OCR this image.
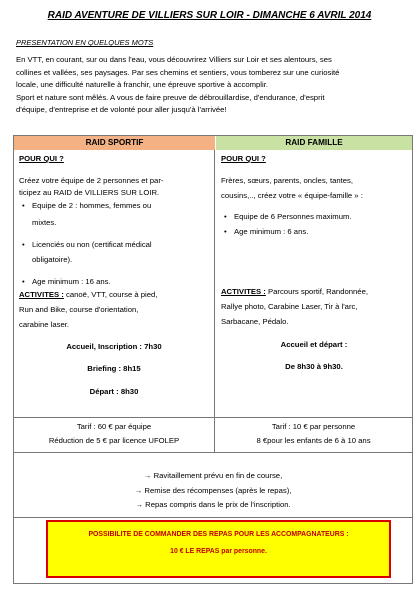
RAID AVENTURE DE VILLIERS SUR LOIR - DIMANCHE 6 AVRIL 2014
PRESENTATION EN QUELQUES MOTS

En VTT, en courant, sur ou dans l'eau, vous découvrirez Villiers sur Loir et ses alentours, ses

collines et vallées, ses paysages. Par ses chemins et sentiers, vous tomberez sur une curiosité

locale, une difficulté naturelle à franchir, une épreuve sportive à accomplir.

Sport et nature sont mêlés. A vous de faire preuve de débrouillardise, d'endurance, d'esprit

d'équipe, d'entreprise et de volonté pour aller jusqu'à l'arrivée!

RAID SPORTIF	RAID FAMILLE

POUR QUI ?

Créez votre équipe de 2 personnes et par-

ticipez au RAID de VILLIERS SUR LOIR.

• Equipe de 2 : hommes, femmes ou

mixtes.

• Licenciés ou non (certificat médical

obligatoire).

• Age minimum : 16 ans.

ACTIVITES : canoë, VTT, course à pied,

Run and Bike, course d'orientation,

carabine laser.

Accueil, Inscription : 7h30

Briefing : 8h15

Départ : 8h30

POUR QUI ?

Frères, sœurs, parents, oncles, tantes,

cousins,.., créez votre « équipe-famille » :

• Equipe de 6 Personnes maximum.

• Age minimum : 6 ans.

ACTIVITES : Parcours sportif, Randonnée,

Rallye photo, Carabine Laser, Tir à l'arc,

Sarbacane, Pédalo.

Accueil et départ :

De 8h30 à 9h30.

Tarif : 60 € par équipe
Réduction de 5 € par licence UFOLEP
Tarif : 10 € par personne
8 €pour les enfants de 6 à 10 ans
→ Ravitaillement prévu en fin de course,
→ Remise des récompenses (après le repas),
→ Repas compris dans le prix de l'inscription.

POSSIBILITE DE COMMANDER DES REPAS POUR LES ACCOMPAGNATEURS :

10 € LE REPAS par personne.
